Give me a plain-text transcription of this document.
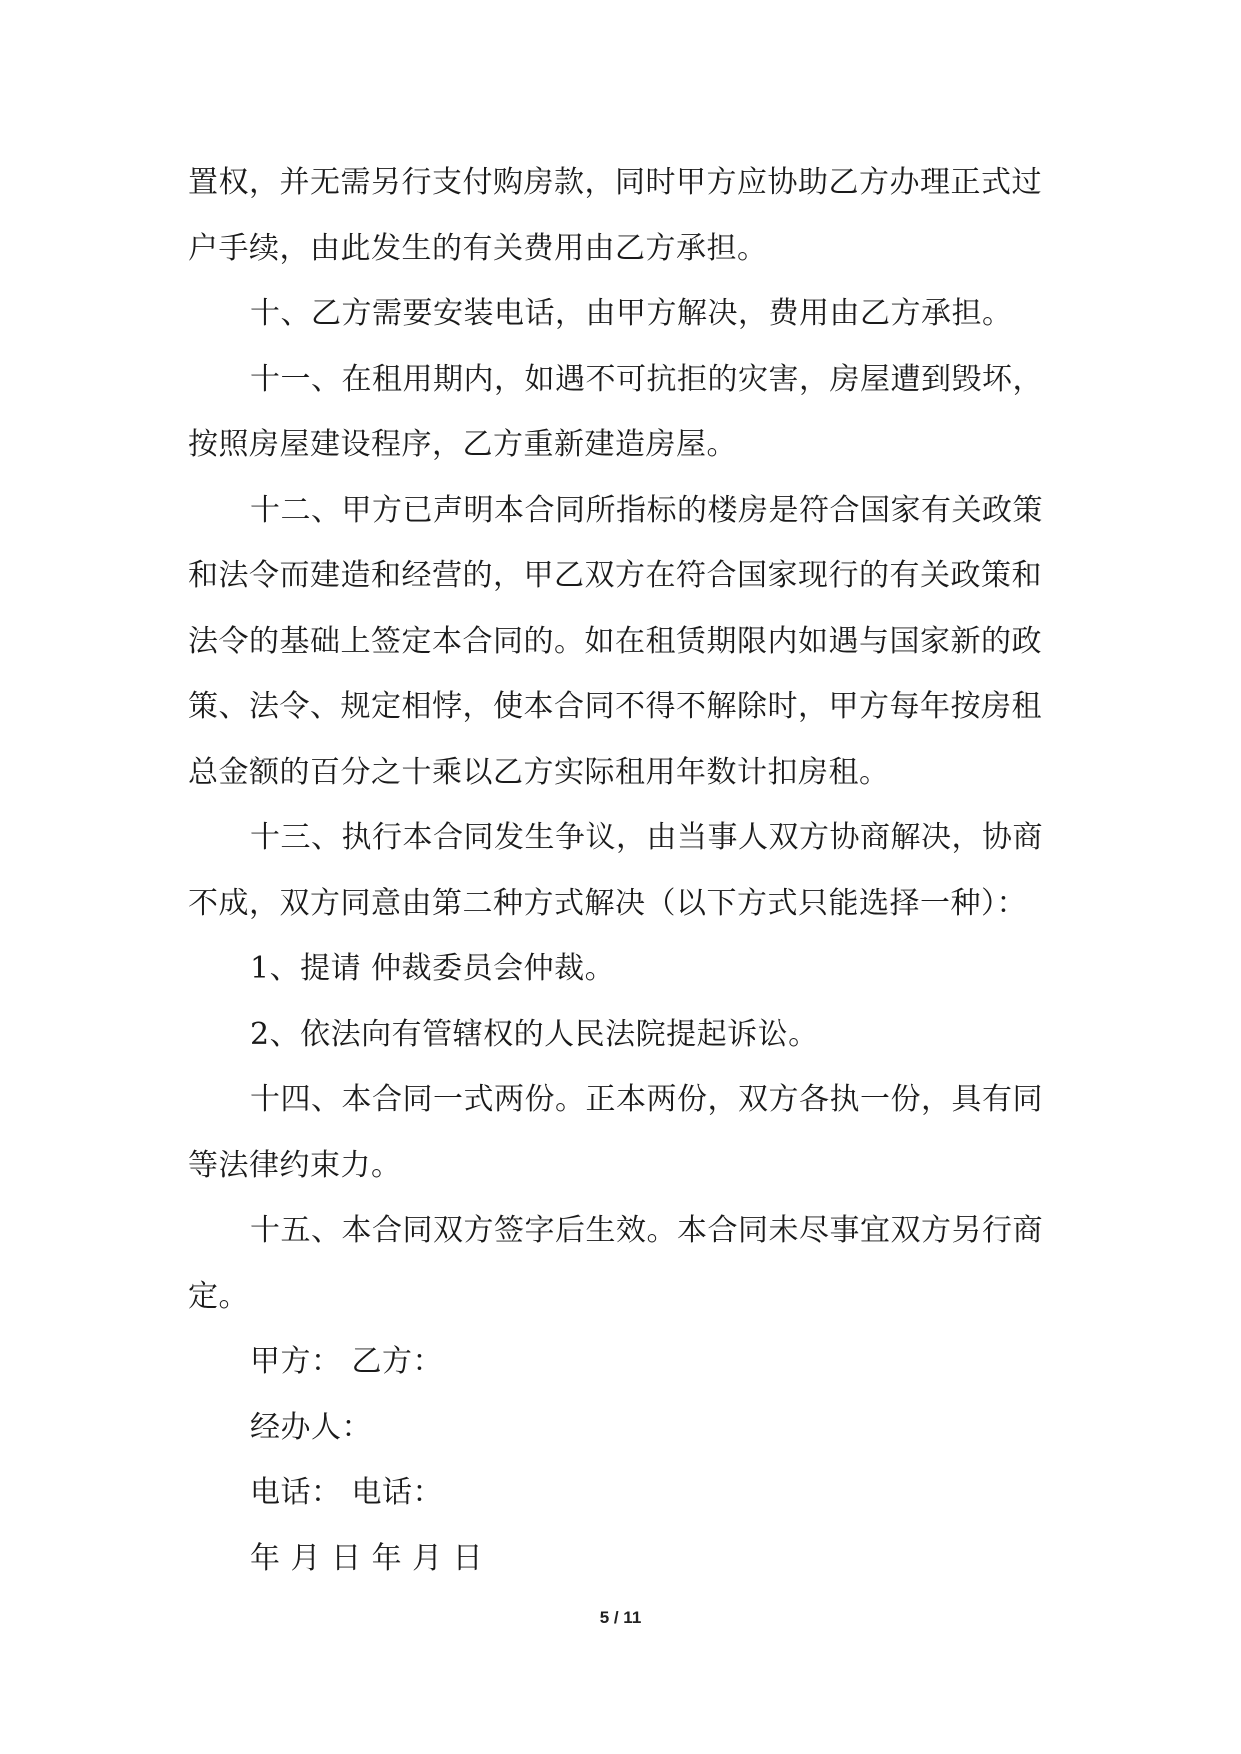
置权，并无需另行支付购房款，同时甲方应协助乙方办理正式过
户手续，由此发生的有关费用由乙方承担。
十、乙方需要安装电话，由甲方解决，费用由乙方承担。
十一、在租用期内，如遇不可抗拒的灾害，房屋遭到毁坏，
按照房屋建设程序，乙方重新建造房屋。
十二、甲方已声明本合同所指标的楼房是符合国家有关政策
和法令而建造和经营的，甲乙双方在符合国家现行的有关政策和
法令的基础上签定本合同的。如在租赁期限内如遇与国家新的政
策、法令、规定相悖，使本合同不得不解除时，甲方每年按房租
总金额的百分之十乘以乙方实际租用年数计扣房租。
十三、执行本合同发生争议，由当事人双方协商解决，协商
不成，双方同意由第二种方式解决（以下方式只能选择一种）：
1、提请 仲裁委员会仲裁。
2、依法向有管辖权的人民法院提起诉讼。
十四、本合同一式两份。正本两份，双方各执一份，具有同
等法律约束力。
十五、本合同双方签字后生效。本合同未尽事宜双方另行商
定。
甲方： 乙方：
经办人：
电话： 电话：
年 月 日 年 月 日
5 / 11
